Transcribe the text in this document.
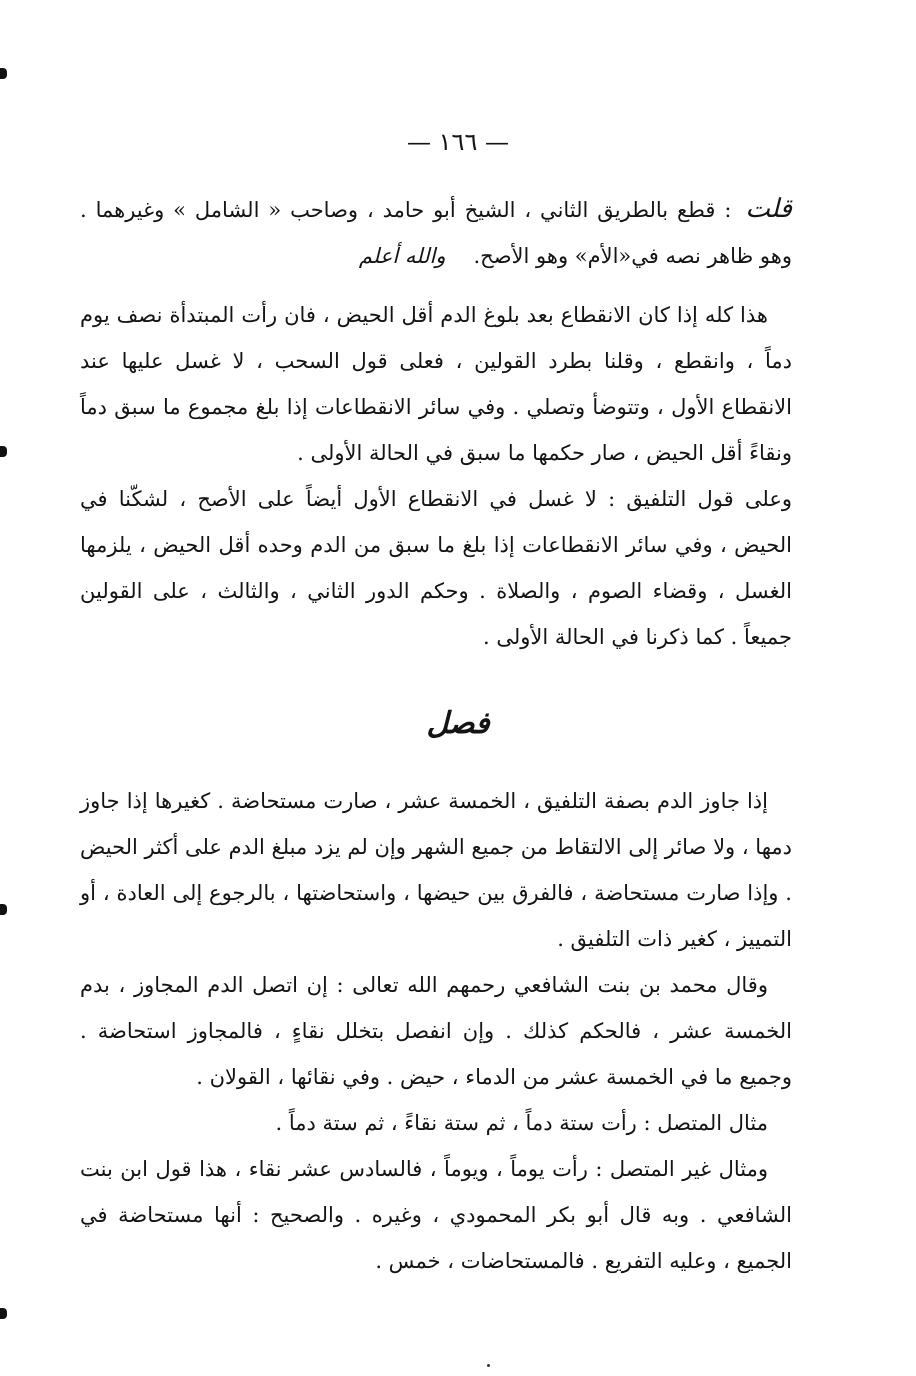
— ١٦٦ —

قلت: قطع بالطريق الثاني ، الشيخ أبو حامد ، وصاحب « الشامل » وغيرهما . وهو ظاهر نصه في«الأم» وهو الأصح.والله أعلم

هذا كله إذا كان الانقطاع بعد بلوغ الدم أقل الحيض ، فان رأت المبتدأة نصف يوم دماً ، وانقطع ، وقلنا بطرد القولين ، فعلى قول السحب ، لا غسل عليها عند الانقطاع الأول ، وتتوضأ وتصلي . وفي سائر الانقطاعات إذا بلغ مجموع ما سبق دماً ونقاءً أقل الحيض ، صار حكمها ما سبق في الحالة الأولى .

وعلى قول التلفيق : لا غسل في الانقطاع الأول أيضاً على الأصح ، لشكّنا في الحيض ، وفي سائر الانقطاعات إذا بلغ ما سبق من الدم وحده أقل الحيض ، يلزمها الغسل ، وقضاء الصوم ، والصلاة . وحكم الدور الثاني ، والثالث ، على القولين جميعاً . كما ذكرنا في الحالة الأولى .

فصل

إذا جاوز الدم بصفة التلفيق ، الخمسة عشر ، صارت مستحاضة . كغيرها إذا جاوز دمها ، ولا صائر إلى الالتقاط من جميع الشهر وإن لم يزد مبلغ الدم على أكثر الحيض . وإذا صارت مستحاضة ، فالفرق بين حيضها ، واستحاضتها ، بالرجوع إلى العادة ، أو التمييز ، كغير ذات التلفيق .

وقال محمد بن بنت الشافعي رحمهم الله تعالى : إن اتصل الدم المجاوز ، بدم الخمسة عشر ، فالحكم كذلك . وإن انفصل بتخلل نقاءٍ ، فالمجاوز استحاضة . وجميع ما في الخمسة عشر من الدماء ، حيض . وفي نقائها ، القولان .

مثال المتصل : رأت ستة دماً ، ثم ستة نقاءً ، ثم ستة دماً .

ومثال غير المتصل : رأت يوماً ، ويوماً ، فالسادس عشر نقاء ، هذا قول ابن بنت الشافعي . وبه قال أبو بكر المحمودي ، وغيره . والصحيح : أنها مستحاضة في الجميع ، وعليه التفريع . فالمستحاضات ، خمس .
